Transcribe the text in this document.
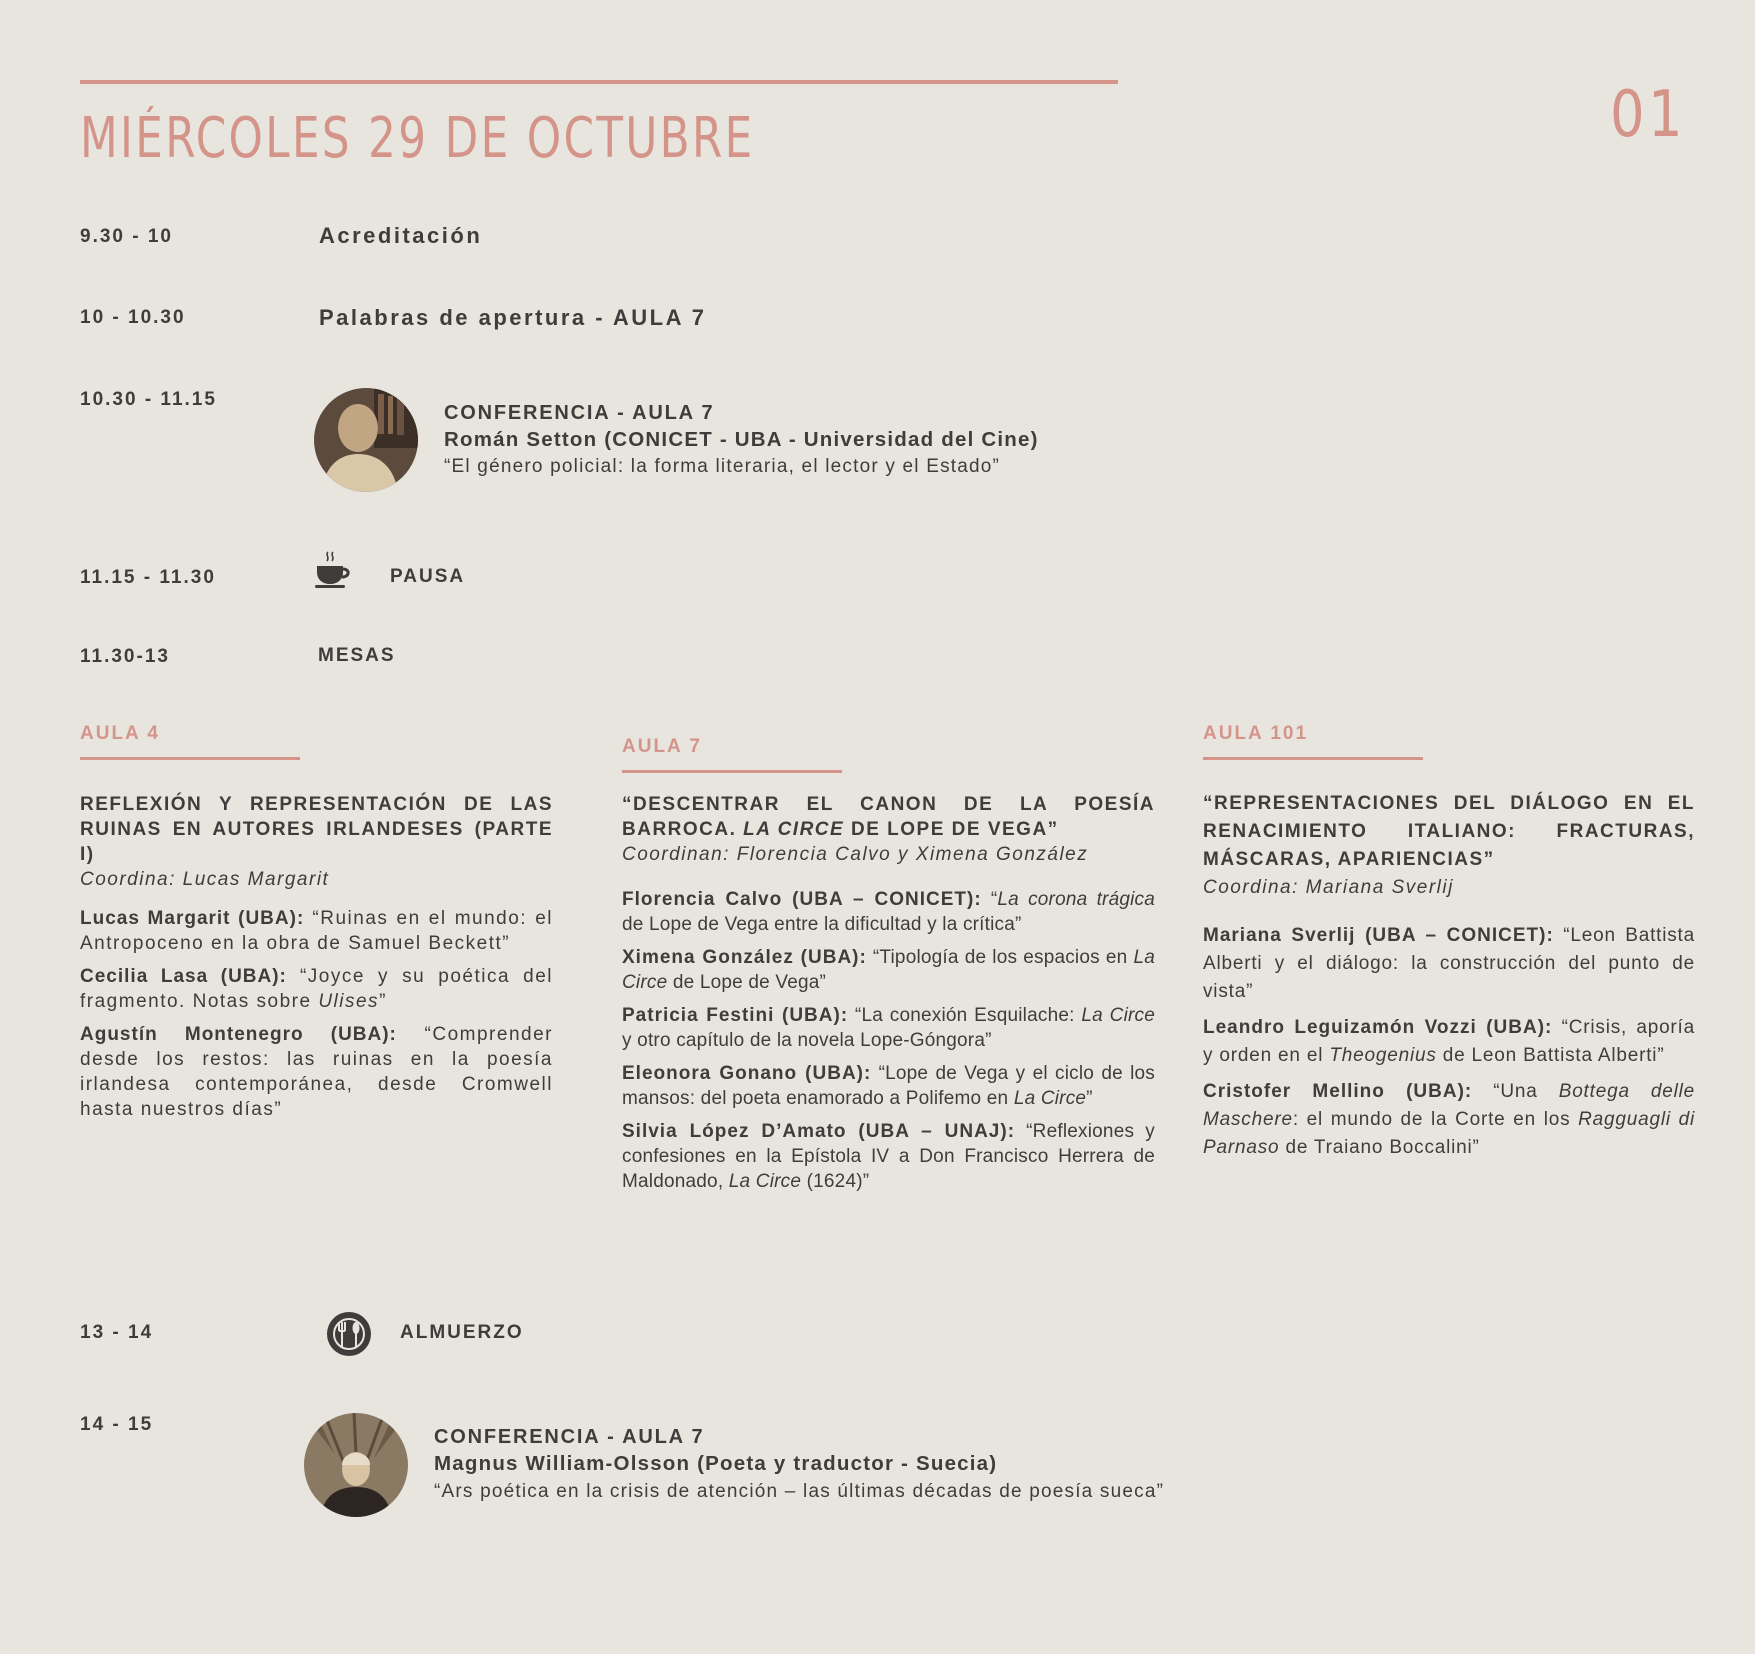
MIÉRCOLES 29 DE OCTUBRE	01
9.30 - 10	Acreditación
10 - 10.30	Palabras de apertura - AULA 7
10.30 - 11.15
CONFERENCIA - AULA 7
Román Setton (CONICET - UBA - Universidad del Cine)
“El género policial: la forma literaria, el lector y el Estado”
11.15 - 11.30	PAUSA
11.30-13	MESAS
AULA 4
REFLEXIÓN Y REPRESENTACIÓN DE LAS RUINAS EN AUTORES IRLANDESES (PARTE I)
Coordina: Lucas Margarit
Lucas Margarit (UBA): “Ruinas en el mundo: el Antropoceno en la obra de Samuel Beckett”
Cecilia Lasa (UBA): “Joyce y su poética del fragmento. Notas sobre Ulises”
Agustín Montenegro (UBA): “Comprender desde los restos: las ruinas en la poesía irlandesa contemporánea, desde Cromwell hasta nuestros días”
AULA 7
“DESCENTRAR EL CANON DE LA POESÍA BARROCA. LA CIRCE DE LOPE DE VEGA”
Coordinan: Florencia Calvo y Ximena González
Florencia Calvo (UBA – CONICET): “La corona trágica de Lope de Vega entre la dificultad y la crítica”
Ximena González (UBA): “Tipología de los espacios en La Circe de Lope de Vega”
Patricia Festini (UBA): “La conexión Esquilache: La Circe y otro capítulo de la novela Lope-Góngora”
Eleonora Gonano (UBA): “Lope de Vega y el ciclo de los mansos: del poeta enamorado a Polifemo en La Circe”
Silvia López D’Amato (UBA – UNAJ): “Reflexiones y confesiones en la Epístola IV a Don Francisco Herrera de Maldonado, La Circe (1624)”
AULA 101
“REPRESENTACIONES DEL DIÁLOGO EN EL RENACIMIENTO ITALIANO: FRACTURAS, MÁSCARAS, APARIENCIAS”
Coordina: Mariana Sverlij
Mariana Sverlij (UBA – CONICET): “Leon Battista Alberti y el diálogo: la construcción del punto de vista”
Leandro Leguizamón Vozzi (UBA): “Crisis, aporía y orden en el Theogenius de Leon Battista Alberti”
Cristofer Mellino (UBA): “Una Bottega delle Maschere: el mundo de la Corte en los Ragguagli di Parnaso de Traiano Boccalini”
13 - 14	ALMUERZO
14 - 15
CONFERENCIA - AULA 7
Magnus William-Olsson (Poeta y traductor - Suecia)
“Ars poética en la crisis de atención – las últimas décadas de poesía sueca”
